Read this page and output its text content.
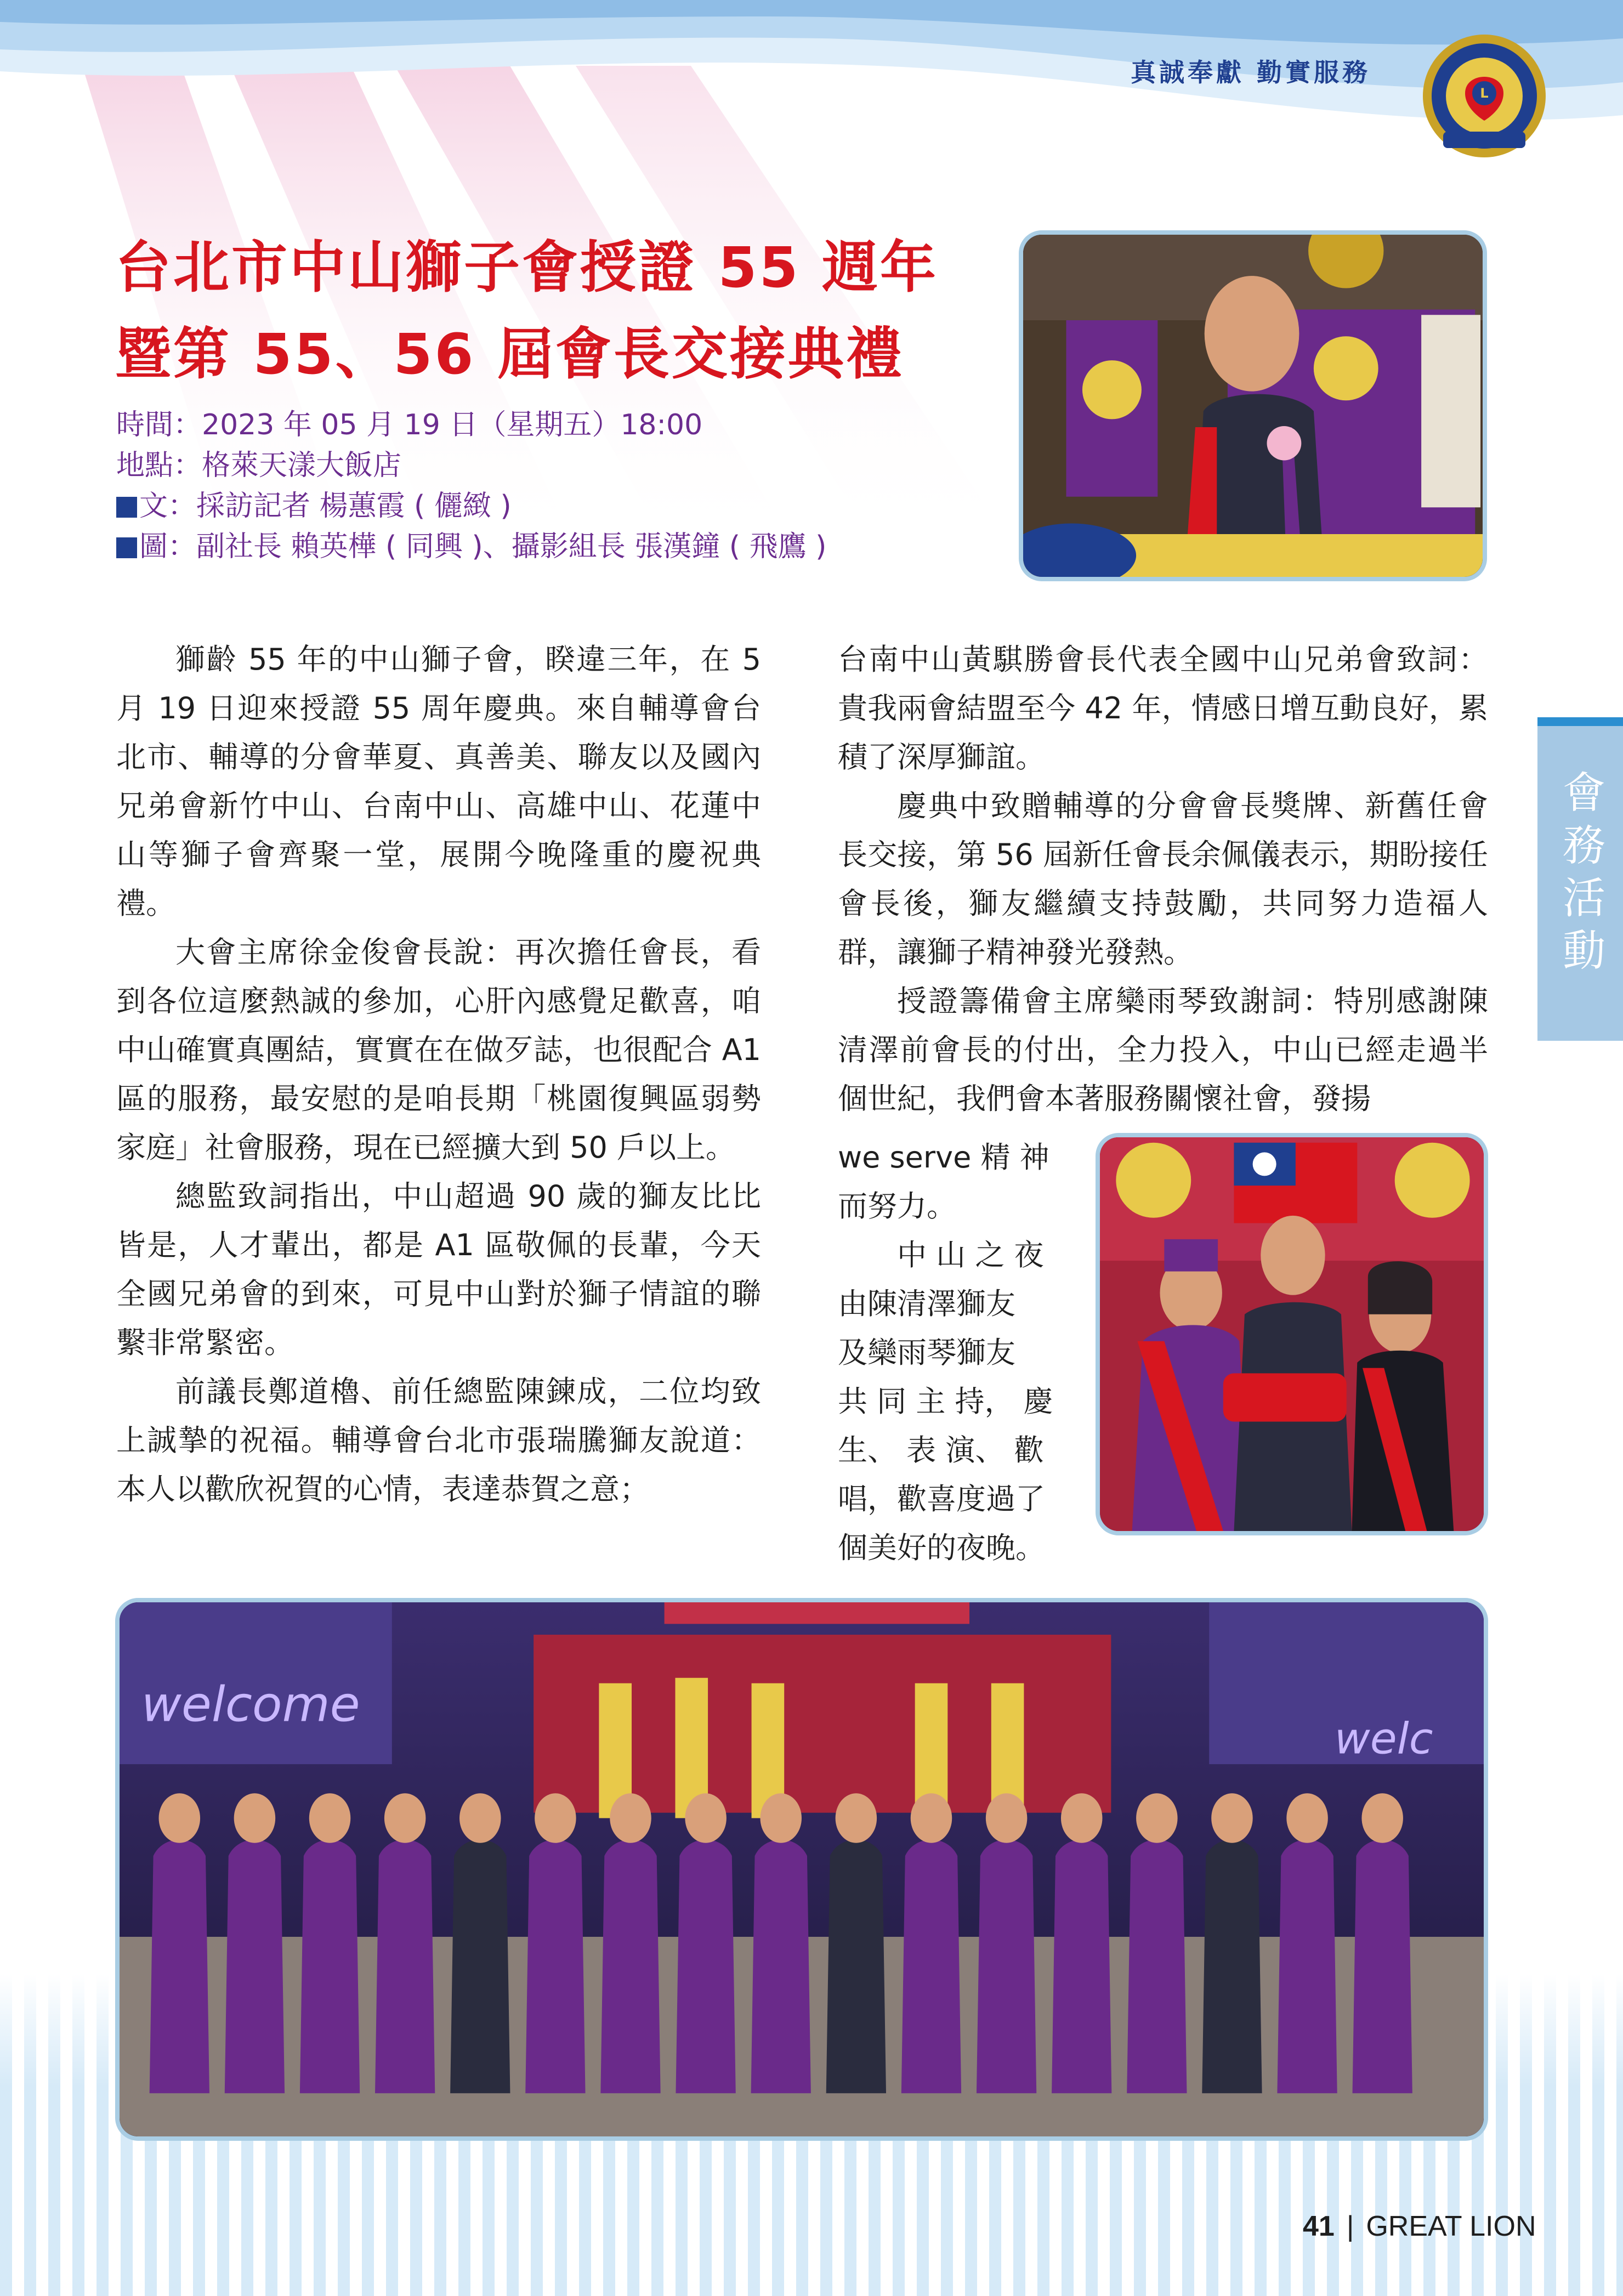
真誠奉獻 勤實服務
L
台北市中山獅子會授證 55 週年
暨第 55、56 屆會長交接典禮
時間：2023 年 05 月 19 日（星期五）18:00
地點：格萊天漾大飯店
文：採訪記者 楊蕙霞 ( 儷緻 )
圖：副社長 賴英樺 ( 同興 )、攝影組長 張漢鐘 ( 飛鷹 )

獅齡 55 年的中山獅子會，睽違三年，在 5 月 19 日迎來授證 55 周年慶典。來自輔導會台北市、輔導的分會華夏、真善美、聯友以及國內兄弟會新竹中山、台南中山、高雄中山、花蓮中山等獅子會齊聚一堂，展開今晚隆重的慶祝典禮。

大會主席徐金俊會長說：再次擔任會長，看到各位這麼熱誠的參加，心肝內感覺足歡喜，咱中山確實真團結，實實在在做歹誌，也很配合 A1 區的服務，最安慰的是咱長期「桃園復興區弱勢家庭」社會服務，現在已經擴大到 50 戶以上。

總監致詞指出，中山超過 90 歲的獅友比比皆是，人才輩出，都是 A1 區敬佩的長輩，今天全國兄弟會的到來，可見中山對於獅子情誼的聯繫非常緊密。

前議長鄭道櫓、前任總監陳鍊成，二位均致上誠摯的祝福。輔導會台北市張瑞騰獅友說道：本人以歡欣祝賀的心情，表達恭賀之意；

台南中山黃騏勝會長代表全國中山兄弟會致詞：貴我兩會結盟至今 42 年，情感日增互動良好，累積了深厚獅誼。

慶典中致贈輔導的分會會長獎牌、新舊任會長交接，第 56 屆新任會長余佩儀表示，期盼接任會長後，獅友繼續支持鼓勵，共同努力造福人群，讓獅子精神發光發熱。

授證籌備會主席欒雨琴致謝詞：特別感謝陳清澤前會長的付出，全力投入，中山已經走過半個世紀，我們會本著服務關懷社會，發揚

we serve 精 神

而努力。

中 山 之 夜

由陳清澤獅友

及欒雨琴獅友

共 同 主 持， 慶

生、 表 演、 歡

唱，歡喜度過了

個美好的夜晚。

welcome
welc
會務活動
41 | GREAT LION
